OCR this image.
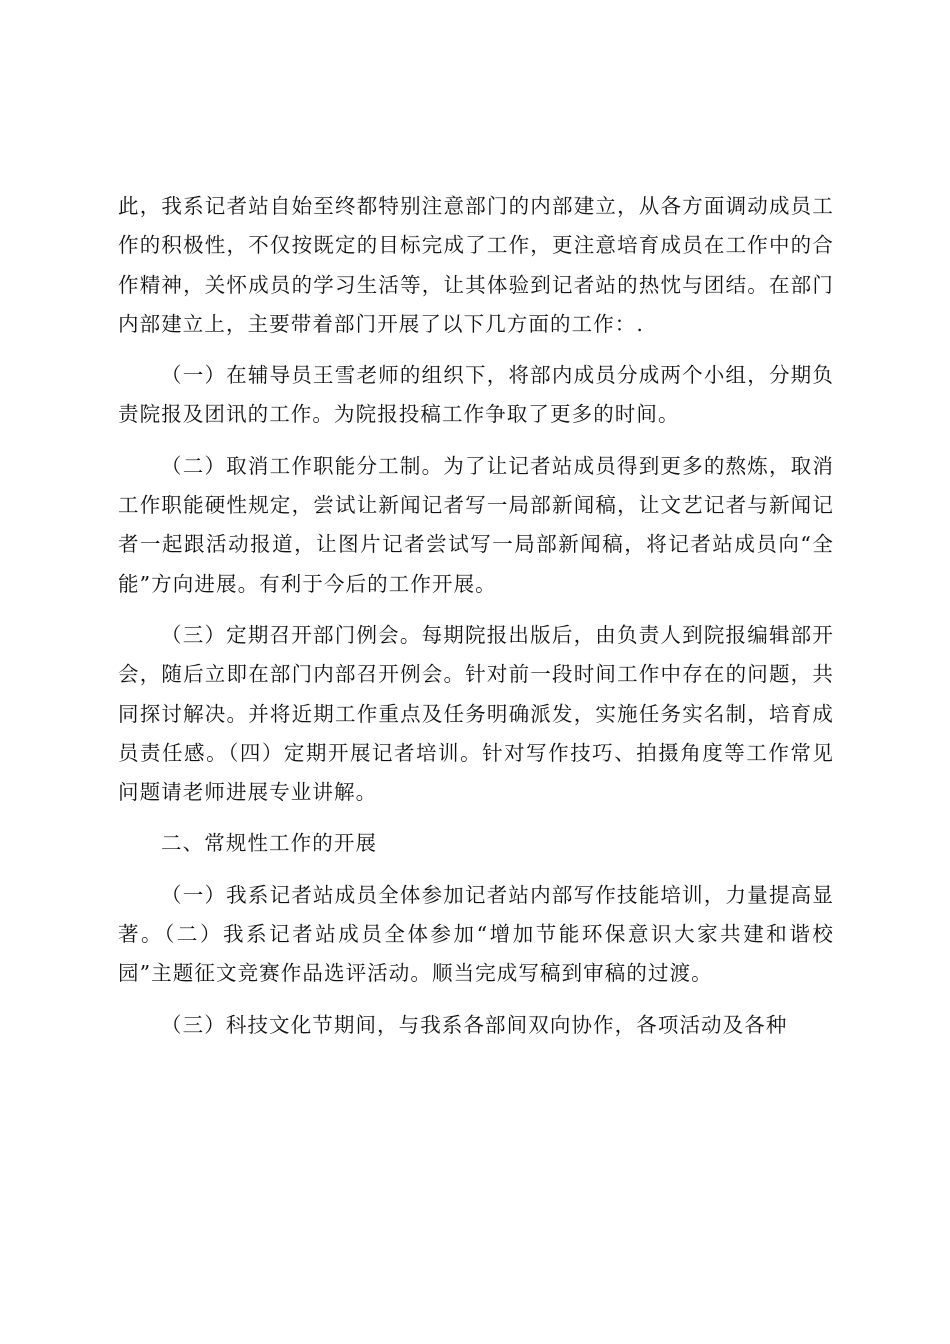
此，我系记者站自始至终都特别注意部门的内部建立，从各方面调动成员工作的积极性，不仅按既定的目标完成了工作，更注意培育成员在工作中的合作精神，关怀成员的学习生活等，让其体验到记者站的热忱与团结。在部门内部建立上，主要带着部门开展了以下几方面的工作：.

（一）在辅导员王雪老师的组织下，将部内成员分成两个小组，分期负责院报及团讯的工作。为院报投稿工作争取了更多的时间。

（二）取消工作职能分工制。为了让记者站成员得到更多的熬炼，取消工作职能硬性规定，尝试让新闻记者写一局部新闻稿，让文艺记者与新闻记者一起跟活动报道，让图片记者尝试写一局部新闻稿，将记者站成员向“全能”方向进展。有利于今后的工作开展。

（三）定期召开部门例会。每期院报出版后，由负责人到院报编辑部开会，随后立即在部门内部召开例会。针对前一段时间工作中存在的问题，共同探讨解决。并将近期工作重点及任务明确派发，实施任务实名制，培育成员责任感。（四）定期开展记者培训。针对写作技巧、拍摄角度等工作常见问题请老师进展专业讲解。

二、常规性工作的开展

（一）我系记者站成员全体参加记者站内部写作技能培训，力量提高显著。（二）我系记者站成员全体参加“增加节能环保意识大家共建和谐校园”主题征文竞赛作品选评活动。顺当完成写稿到审稿的过渡。

（三）科技文化节期间，与我系各部间双向协作，各项活动及各种
